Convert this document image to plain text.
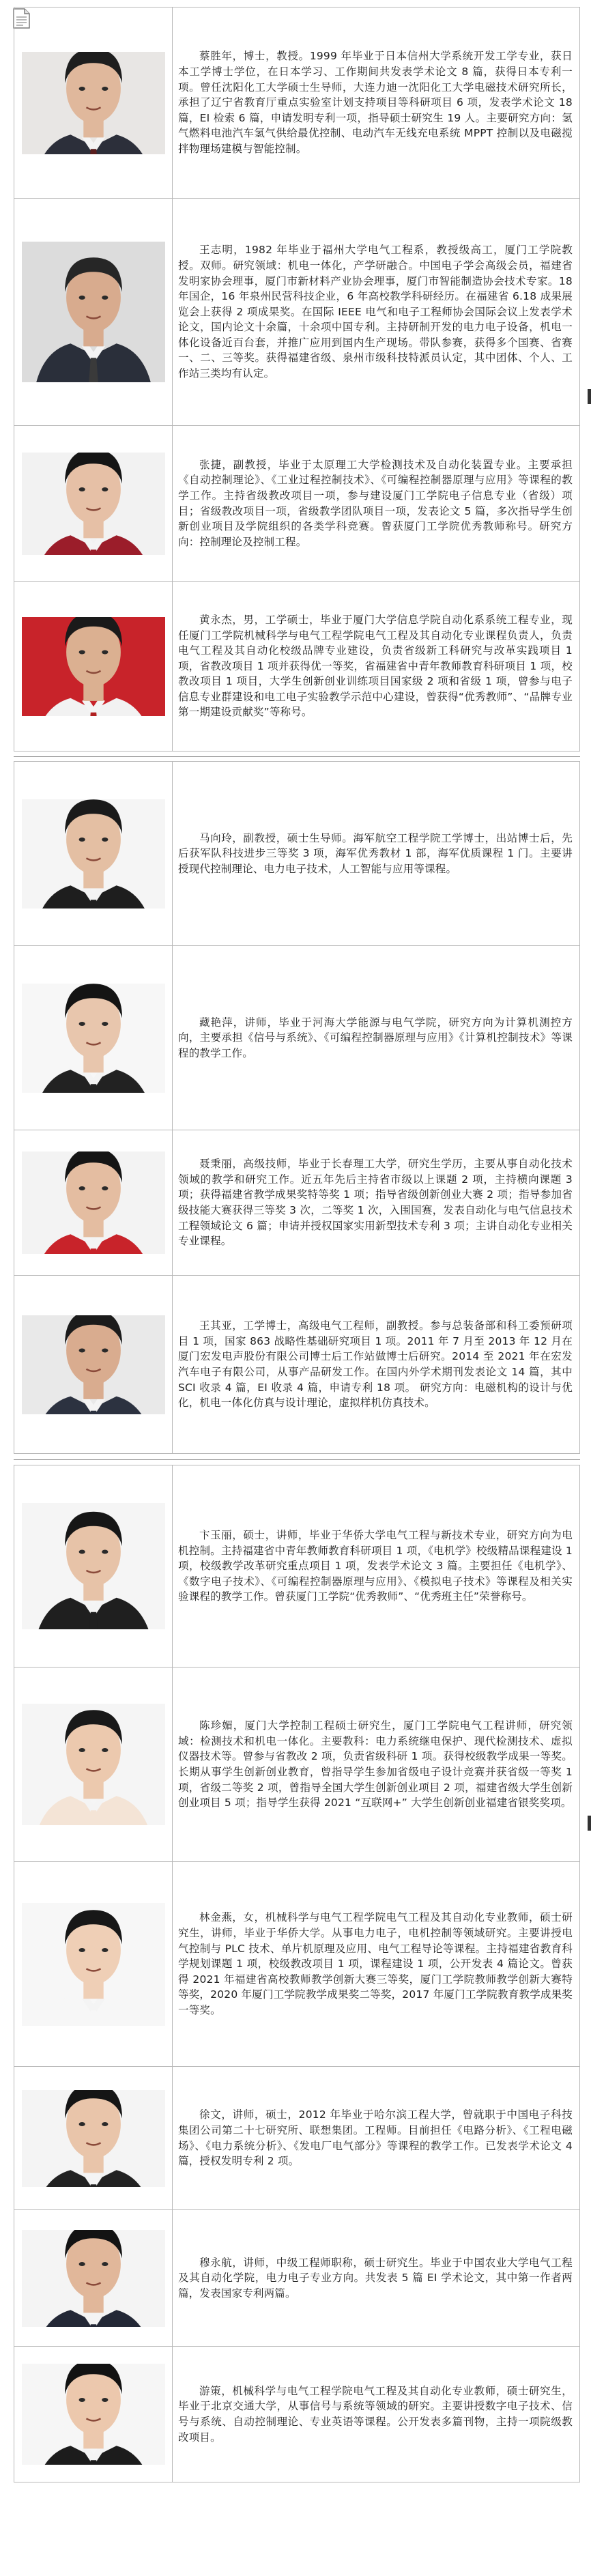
蔡胜年，博士，教授。1999 年毕业于日本信州大学系统开发工学专业，获日本工学博士学位，在日本学习、工作期间共发表学术论文 8 篇，获得日本专利一项。曾任沈阳化工大学硕士生导师，大连力迪一沈阳化工大学电磁技术研究所长，承担了辽宁省教育厅重点实验室计划支持项目等科研项目 6 项，发表学术论文 18 篇，EI 检索 6 篇，申请发明专利一项，指导硕士研究生 19 人。主要研究方向：氢气燃料电池汽车氢气供给最优控制、电动汽车无线充电系统 MPPT 控制以及电磁搅拌物理场建模与智能控制。

王志明，1982 年毕业于福州大学电气工程系，教授级高工，厦门工学院教授。双师。研究领域：机电一体化，产学研融合。中国电子学会高级会员，福建省发明家协会理事，厦门市新材料产业协会理事，厦门市智能制造协会技术专家。18 年国企，16 年泉州民营科技企业，6 年高校教学科研经历。在福建省 6.18 成果展览会上获得 2 项成果奖。在国际 IEEE 电气和电子工程师协会国际会议上发表学术论文，国内论文十余篇，十余项中国专利。主持研制开发的电力电子设备，机电一体化设备近百台套，并推广应用到国内生产现场。带队参赛，获得多个国赛、省赛一、二、三等奖。获得福建省级、泉州市级科技特派员认定，其中团体、个人、工作站三类均有认定。

张捷，副教授，毕业于太原理工大学检测技术及自动化装置专业。主要承担《自动控制理论》、《工业过程控制技术》、《可编程控制器原理与应用》等课程的教学工作。主持省级教改项目一项，参与建设厦门工学院电子信息专业（省级）项目；省级教改项目一项，省级教学团队项目一项，发表论文 5 篇，多次指导学生创新创业项目及学院组织的各类学科竞赛。曾获厦门工学院优秀教师称号。研究方向：控制理论及控制工程。

黄永杰，男，工学硕士，毕业于厦门大学信息学院自动化系系统工程专业，现任厦门工学院机械科学与电气工程学院电气工程及其自动化专业课程负责人，负责电气工程及其自动化校级品牌专业建设，负责省级新工科研究与改革实践项目 1 项，省教改项目 1 项并获得优一等奖，省福建省中青年教师教育科研项目 1 项，校教改项目 1 项目，大学生创新创业训练项目国家级 2 项和省级 1 项，曾参与电子信息专业群建设和电工电子实验教学示范中心建设，曾获得“优秀教师”、“品牌专业第一期建设贡献奖”等称号。

马向玲，副教授，硕士生导师。海军航空工程学院工学博士，出站博士后，先后获军队科技进步三等奖 3 项，海军优秀教材 1 部，海军优质课程 1 门。主要讲授现代控制理论、电力电子技术，人工智能与应用等课程。

藏艳萍，讲师，毕业于河海大学能源与电气学院，研究方向为计算机测控方向，主要承担《信号与系统》、《可编程控制器原理与应用》《计算机控制技术》等课程的教学工作。

聂秉丽，高级技师，毕业于长春理工大学，研究生学历，主要从事自动化技术领域的教学和研究工作。近五年先后主持省市级以上课题 2 项，主持横向课题 3 项；获得福建省教学成果奖特等奖 1 项；指导省级创新创业大赛 2 项；指导参加省级技能大赛获得三等奖 3 次，二等奖 1 次，入围国赛，发表自动化与电气信息技术工程领域论文 6 篇；申请并授权国家实用新型技术专利 3 项；主讲自动化专业相关专业课程。

王其亚，工学博士，高级电气工程师，副教授。参与总装备部和科工委预研项目 1 项，国家 863 战略性基础研究项目 1 项。2011 年 7 月至 2013 年 12 月在厦门宏发电声股份有限公司博士后工作站做博士后研究。2014 至 2021 年在宏发汽车电子有限公司，从事产品研发工作。在国内外学术期刊发表论文 14 篇，其中 SCI 收录 4 篇，EI 收录 4 篇，申请专利 18 项。 研究方向：电磁机构的设计与优化，机电一体化仿真与设计理论，虚拟样机仿真技术。

卞玉丽，硕士，讲师，毕业于华侨大学电气工程与新技术专业，研究方向为电机控制。主持福建省中青年教师教育科研项目 1 项，《电机学》校级精品课程建设 1 项，校级教学改革研究重点项目 1 项，发表学术论文 3 篇。主要担任《电机学》、《数字电子技术》、《可编程控制器原理与应用》、《模拟电子技术》等课程及相关实验课程的教学工作。曾获厦门工学院“优秀教师”、“优秀班主任”荣誉称号。

陈珍媚，厦门大学控制工程硕士研究生，厦门工学院电气工程讲师，研究领域：检测技术和机电一体化。主要教科：电力系统继电保护、现代检测技术、虚拟仪器技术等。曾参与省教改 2 项，负责省级科研 1 项。获得校级教学成果一等奖。长期从事学生创新创业教育，曾指导学生参加省级电子设计竞赛并获省级一等奖 1 项，省级二等奖 2 项，曾指导全国大学生创新创业项目 2 项，福建省级大学生创新创业项目 5 项；指导学生获得 2021 “互联网+” 大学生创新创业福建省银奖奖项。

林金燕，女，机械科学与电气工程学院电气工程及其自动化专业教师，硕士研究生，讲师，毕业于华侨大学。从事电力电子，电机控制等领域研究。主要讲授电气控制与 PLC 技术、单片机原理及应用、电气工程导论等课程。主持福建省教育科学规划课题 1 项，校级教改项目 1 项，课程建设 1 项，公开发表 4 篇论文。曾获得 2021 年福建省高校教师教学创新大赛三等奖，厦门工学院教师教学创新大赛特等奖，2020 年厦门工学院教学成果奖二等奖，2017 年厦门工学院教育教学成果奖一等奖。

徐文，讲师，硕士，2012 年毕业于哈尔滨工程大学，曾就职于中国电子科技集团公司第二十七研究所、联想集团。工程师。目前担任《电路分析》、《工程电磁场》、《电力系统分析》、《发电厂电气部分》等课程的教学工作。已发表学术论文 4 篇，授权发明专利 2 项。

穆永航，讲师，中级工程师职称，硕士研究生。毕业于中国农业大学电气工程及其自动化学院，电力电子专业方向。共发表 5 篇 EI 学术论文，其中第一作者两篇，发表国家专利两篇。

游策，机械科学与电气工程学院电气工程及其自动化专业教师，硕士研究生，毕业于北京交通大学，从事信号与系统等领域的研究。主要讲授数字电子技术、信号与系统、自动控制理论、专业英语等课程。公开发表多篇刊物，主持一项院级教改项目。
